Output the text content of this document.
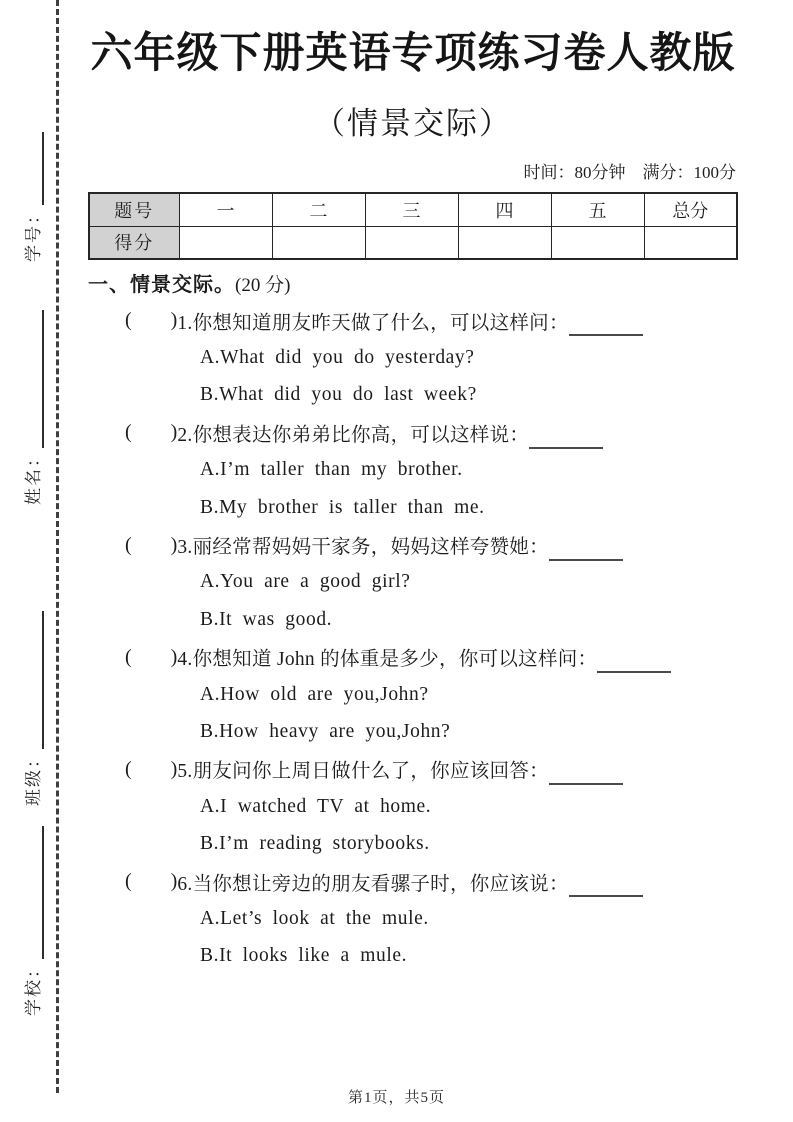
学号：
姓名：
班级：
学校：
六年级下册英语专项练习卷人教版
（情景交际）
时间：80分钟　满分：100分
题号	一	二	三	四	五	总分
得分						
一、情景交际。(20 分)
( ) 1.你想知道朋友昨天做了什么，可以这样问：
A.What did you do yesterday?
B.What did you do last week?
( ) 2.你想表达你弟弟比你高，可以这样说：
A.I’m taller than my brother.
B.My brother is taller than me.
( ) 3.丽经常帮妈妈干家务，妈妈这样夸赞她：
A.You are a good girl?
B.It was good.
( ) 4.你想知道 John 的体重是多少，你可以这样问：
A.How old are you,John?
B.How heavy are you,John?
( ) 5.朋友问你上周日做什么了，你应该回答：
A.I watched TV at home.
B.I’m reading storybooks.
( ) 6.当你想让旁边的朋友看骡子时，你应该说：
A.Let’s look at the mule.
B.It looks like a mule.
第1页，共5页
